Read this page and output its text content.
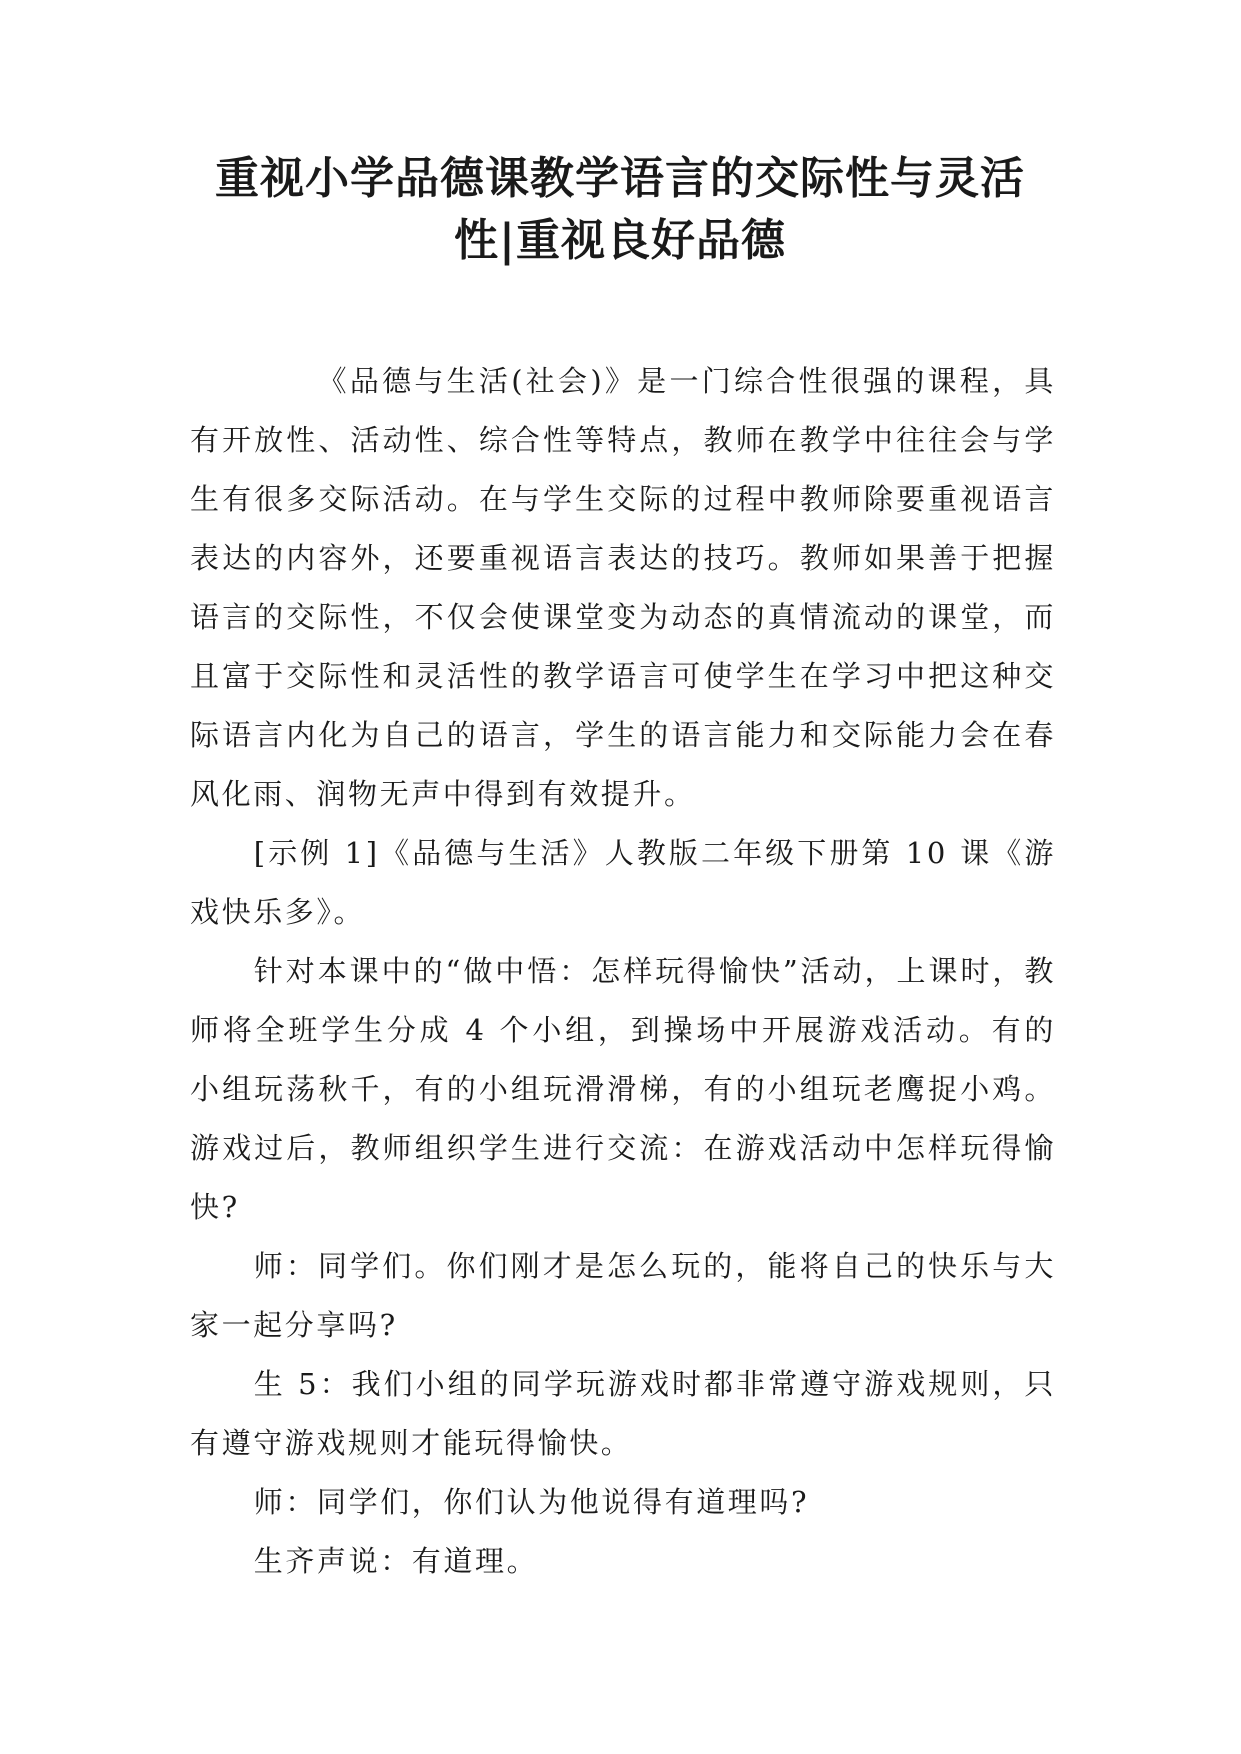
重视小学品德课教学语言的交际性与灵活
性|重视良好品德

《品德与生活(社会)》是一门综合性很强的课程，具有开放性、活动性、综合性等特点，教师在教学中往往会与学生有很多交际活动。在与学生交际的过程中教师除要重视语言表达的内容外，还要重视语言表达的技巧。教师如果善于把握语言的交际性，不仅会使课堂变为动态的真情流动的课堂，而且富于交际性和灵活性的教学语言可使学生在学习中把这种交际语言内化为自己的语言，学生的语言能力和交际能力会在春风化雨、润物无声中得到有效提升。

[示例 1]《品德与生活》人教版二年级下册第 10 课《游戏快乐多》。

针对本课中的“做中悟：怎样玩得愉快”活动，上课时，教师将全班学生分成 4 个小组，到操场中开展游戏活动。有的小组玩荡秋千，有的小组玩滑滑梯，有的小组玩老鹰捉小鸡。游戏过后，教师组织学生进行交流：在游戏活动中怎样玩得愉快?

师：同学们。你们刚才是怎么玩的，能将自己的快乐与大家一起分享吗?

生 5：我们小组的同学玩游戏时都非常遵守游戏规则，只有遵守游戏规则才能玩得愉快。

师：同学们，你们认为他说得有道理吗?

生齐声说：有道理。
